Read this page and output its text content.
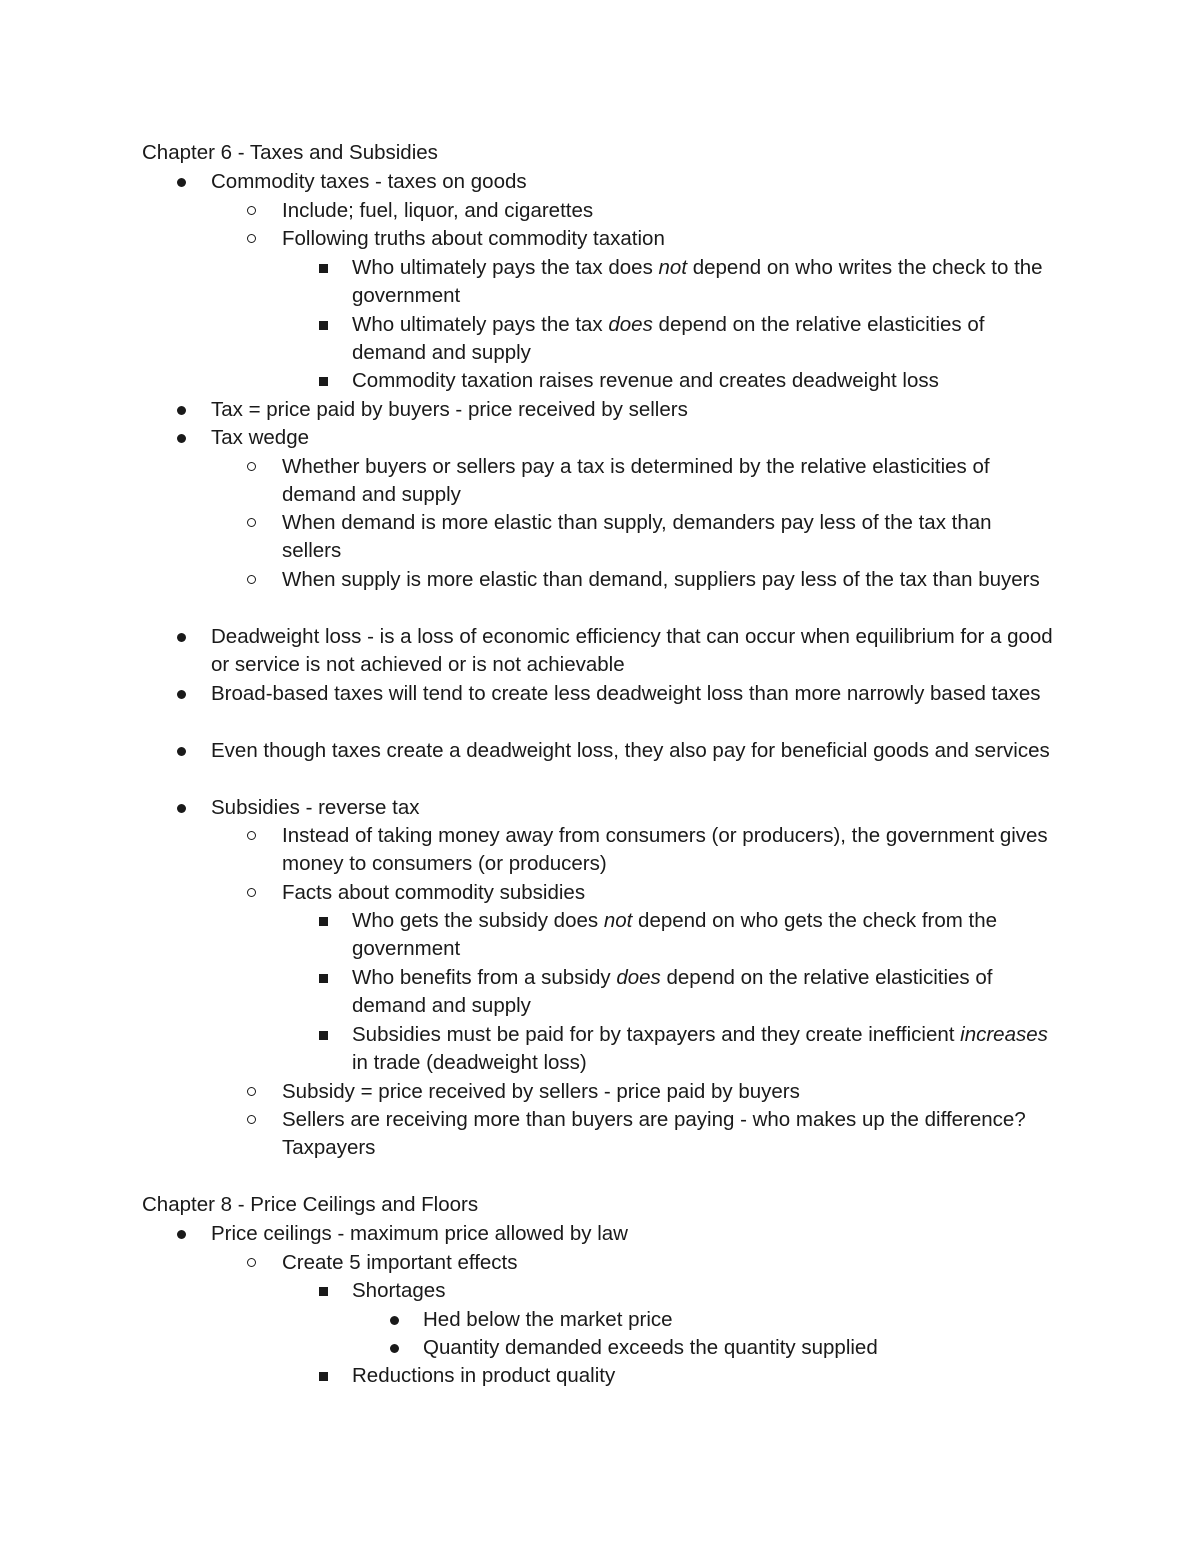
Chapter 6 - Taxes and Subsidies
Commodity taxes - taxes on goods
Include; fuel, liquor, and cigarettes
Following truths about commodity taxation
Who ultimately pays the tax does not depend on who writes the check to the government
Who ultimately pays the tax does depend on the relative elasticities of demand and supply
Commodity taxation raises revenue and creates deadweight loss
Tax = price paid by buyers - price received by sellers
Tax wedge
Whether buyers or sellers pay a tax is determined by the relative elasticities of demand and supply
When demand is more elastic than supply, demanders pay less of the tax than sellers
When supply is more elastic than demand, suppliers pay less of the tax than buyers
Deadweight loss - is a loss of economic efficiency that can occur when equilibrium for a good or service is not achieved or is not achievable
Broad-based taxes will tend to create less deadweight loss than more narrowly based taxes
Even though taxes create a deadweight loss, they also pay for beneficial goods and services
Subsidies - reverse tax
Instead of taking money away from consumers (or producers), the government gives money to consumers (or producers)
Facts about commodity subsidies
Who gets the subsidy does not depend on who gets the check from the government
Who benefits from a subsidy does depend on the relative elasticities of demand and supply
Subsidies must be paid for by taxpayers and they create inefficient increases in trade (deadweight loss)
Subsidy = price received by sellers - price paid by buyers
Sellers are receiving more than buyers are paying - who makes up the difference? Taxpayers
Chapter 8 - Price Ceilings and Floors
Price ceilings - maximum price allowed by law
Create 5 important effects
Shortages
Hed below the market price
Quantity demanded exceeds the quantity supplied
Reductions in product quality
